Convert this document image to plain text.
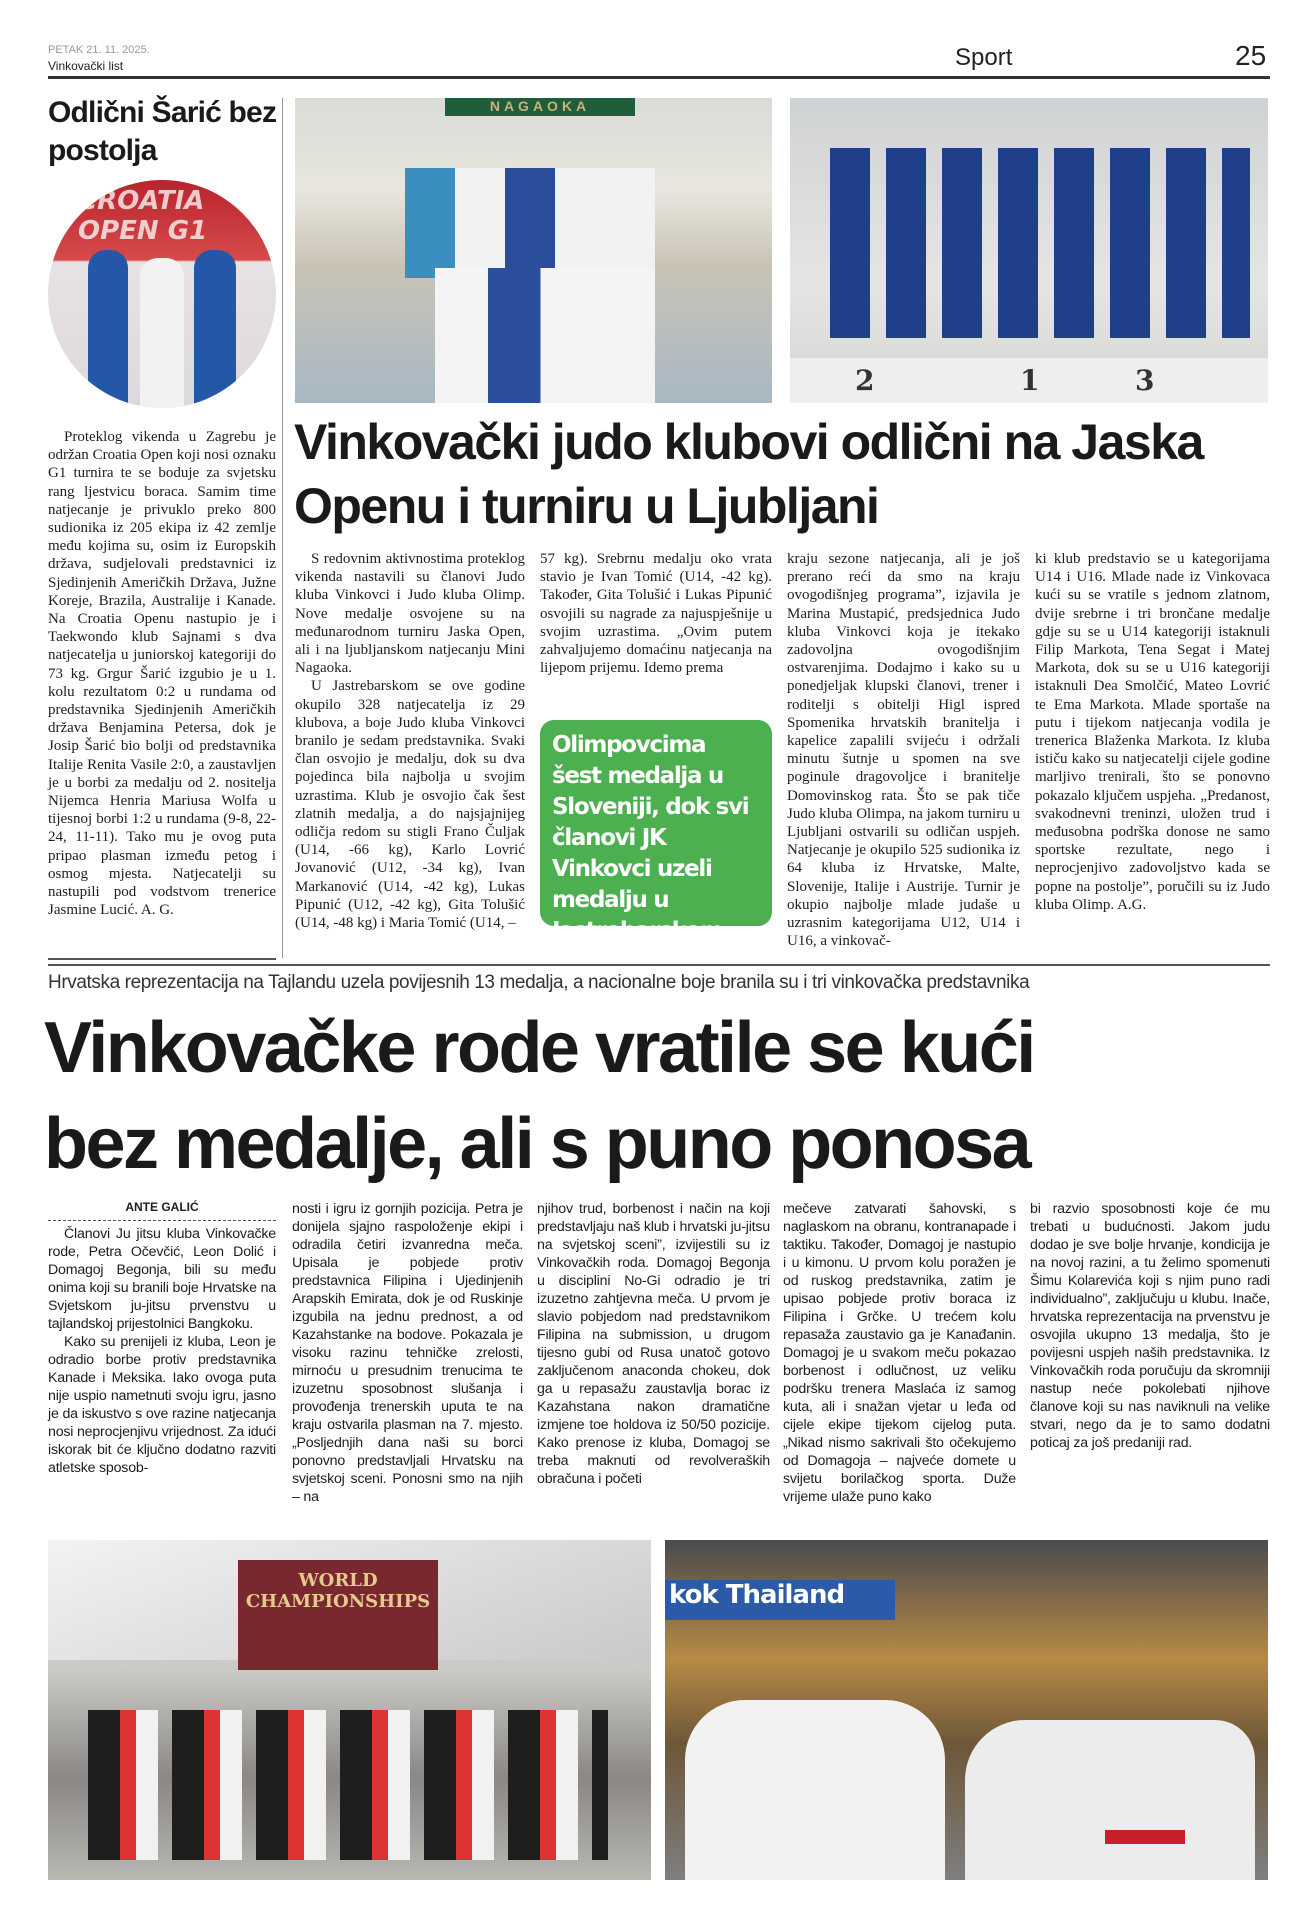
PETAK 21. 11. 2025.
Vinkovački list	Sport	25
Odlični Šarić bez postolja
CROATIA OPEN G1
Proteklog vikenda u Zagrebu je održan Croatia Open koji nosi oznaku G1 turnira te se boduje za svjetsku rang ljestvicu boraca. Samim time natjecanje je privuklo preko 800 sudionika iz 205 ekipa iz 42 zemlje među kojima su, osim iz Europskih država, sudjelovali predstavnici iz Sjedinjenih Američkih Država, Južne Koreje, Brazila, Australije i Kanade. Na Croatia Openu nastupio je i Taekwondo klub Sajnami s dva natjecatelja u juniorskoj kategoriji do 73 kg. Grgur Šarić izgubio je u 1. kolu rezultatom 0:2 u rundama od predstavnika Sjedinjenih Američkih država Benjamina Petersa, dok je Josip Šarić bio bolji od predstavnika Italije Renita Vasile 2:0, a zaustavljen je u borbi za medalju od 2. nositelja Nijemca Henria Mariusa Wolfa u tijesnoj borbi 1:2 u rundama (9-8, 22-24, 11-11). Tako mu je ovog puta pripao plasman između petog i osmog mjesta. Natjecatelji su nastupili pod vodstvom trenerice Jasmine Lucić. A. G.
NAGAOKA
2	1	3
Vinkovački judo klubovi odlični na Jaska Openu i turniru u Ljubljani

S redovnim aktivnostima proteklog vikenda nastavili su članovi Judo kluba Vinkovci i Judo kluba Olimp. Nove medalje osvojene su na međunarodnom turniru Jaska Open, ali i na ljubljanskom natjecanju Mini Nagaoka.

U Jastrebarskom se ove godine okupilo 328 natjecatelja iz 29 klubova, a boje Judo kluba Vinkovci branilo je sedam predstavnika. Svaki član osvojio je medalju, dok su dva pojedinca bila najbolja u svojim uzrastima. Klub je osvojio čak šest zlatnih medalja, a do najsjajnijeg odličja redom su stigli Frano Čuljak (U14, -66 kg), Karlo Lovrić Jovanović (U12, -34 kg), Ivan Markanović (U14, -42 kg), Lukas Pipunić (U12, -42 kg), Gita Tolušić (U14, -48 kg) i Maria Tomić (U14, –

57 kg). Srebrnu medalju oko vrata stavio je Ivan Tomić (U14, -42 kg). Također, Gita Tolušić i Lukas Pipunić osvojili su nagrade za najuspješnije u svojim uzrastima. „Ovim putem zahvaljujemo domaćinu natjecanja na lijepom prijemu. Idemo prema
Olimpovcima šest medalja u Sloveniji, dok svi članovi JK Vinkovci uzeli medalju u Jastrebarskom
kraju sezone natjecanja, ali je još prerano reći da smo na kraju ovogodišnjeg programa”, izjavila je Marina Mustapić, predsjednica Judo kluba Vinkovci koja je itekako zadovoljna ovogodišnjim ostvarenjima. Dodajmo i kako su u ponedjeljak klupski članovi, trener i roditelji s obitelji Higl ispred Spomenika hrvatskih branitelja i kapelice zapalili svijeću i održali minutu šutnje u spomen na sve poginule dragovoljce i branitelje Domovinskog rata. Što se pak tiče Judo kluba Olimpa, na jakom turniru u Ljubljani ostvarili su odličan uspjeh. Natjecanje je okupilo 525 sudionika iz 64 kluba iz Hrvatske, Malte, Slovenije, Italije i Austrije. Turnir je okupio najbolje mlade judaše u uzrasnim kategorijama U12, U14 i U16, a vinkovač-
ki klub predstavio se u kategorijama U14 i U16. Mlade nade iz Vinkovaca kući su se vratile s jednom zlatnom, dvije srebrne i tri brončane medalje gdje su se u U14 kategoriji istaknuli Filip Markota, Tena Segat i Matej Markota, dok su se u U16 kategoriji istaknuli Dea Smolčić, Mateo Lovrić te Ema Markota. Mlade sportaše na putu i tijekom natjecanja vodila je trenerica Blaženka Markota. Iz kluba ističu kako su natjecatelji cijele godine marljivo trenirali, što se ponovno pokazalo ključem uspjeha. „Predanost, svakodnevni treninzi, uložen trud i međusobna podrška donose ne samo sportske rezultate, nego i neprocjenjivo zadovoljstvo kada se popne na postolje”, poručili su iz Judo kluba Olimp. A.G.
Hrvatska reprezentacija na Tajlandu uzela povijesnih 13 medalja, a nacionalne boje branila su i tri vinkovačka predstavnika
Vinkovačke rode vratile se kući
bez medalje, ali s puno ponosa
ANTE GALIĆ

Članovi Ju jitsu kluba Vinkovačke rode, Petra Očevčić, Leon Dolić i Domagoj Begonja, bili su među onima koji su branili boje Hrvatske na Svjetskom ju-jitsu prvenstvu u tajlandskoj prijestolnici Bangkoku.

Kako su prenijeli iz kluba, Leon je odradio borbe protiv predstavnika Kanade i Meksika. Iako ovoga puta nije uspio nametnuti svoju igru, jasno je da iskustvo s ove razine natjecanja nosi neprocjenjivu vrijednost. Za idući iskorak bit će ključno dodatno razviti atletske sposob-

nosti i igru iz gornjih pozicija. Petra je donijela sjajno raspoloženje ekipi i odradila četiri izvanredna meča. Upisala je pobjede protiv predstavnica Filipina i Ujedinjenih Arapskih Emirata, dok je od Ruskinje izgubila na jednu prednost, a od Kazahstanke na bodove. Pokazala je visoku razinu tehničke zrelosti, mirnoću u presudnim trenucima te izuzetnu sposobnost slušanja i provođenja trenerskih uputa te na kraju ostvarila plasman na 7. mjesto. „Posljednjih dana naši su borci ponovno predstavljali Hrvatsku na svjetskoj sceni. Ponosni smo na njih – na
njihov trud, borbenost i način na koji predstavljaju naš klub i hrvatski ju-jitsu na svjetskoj sceni”, izvijestili su iz Vinkovačkih roda. Domagoj Begonja u disciplini No-Gi odradio je tri izuzetno zahtjevna meča. U prvom je slavio pobjedom nad predstavnikom Filipina na submission, u drugom tijesno gubi od Rusa unatoč gotovo zaključenom anaconda chokeu, dok ga u repasažu zaustavlja borac iz Kazahstana nakon dramatične izmjene toe holdova iz 50/50 pozicije. Kako prenose iz kluba, Domagoj se treba maknuti od revolveraških obračuna i početi
mečeve zatvarati šahovski, s naglaskom na obranu, kontranapade i taktiku. Također, Domagoj je nastupio i u kimonu. U prvom kolu poražen je od ruskog predstavnika, zatim je upisao pobjede protiv boraca iz Filipina i Grčke. U trećem kolu repasaža zaustavio ga je Kanađanin. Domagoj je u svakom meču pokazao borbenost i odlučnost, uz veliku podršku trenera Maslaća iz samog kuta, ali i snažan vjetar u leđa od cijele ekipe tijekom cijelog puta. „Nikad nismo sakrivali što očekujemo od Domagoja – najveće domete u svijetu borilačkog sporta. Duže vrijeme ulaže puno kako
bi razvio sposobnosti koje će mu trebati u budućnosti. Jakom judu dodao je sve bolje hrvanje, kondicija je na novoj razini, a tu želimo spomenuti Šimu Kolarevića koji s njim puno radi individualno”, zaključuju u klubu. Inače, hrvatska reprezentacija na prvenstvu je osvojila ukupno 13 medalja, što je povijesni uspjeh naših predstavnika. Iz Vinkovačkih roda poručuju da skromniji nastup neće pokolebati njihove članove koji su nas naviknuli na velike stvari, nego da je to samo dodatni poticaj za još predaniji rad.
WORLD CHAMPIONSHIPS	kok Thailand
